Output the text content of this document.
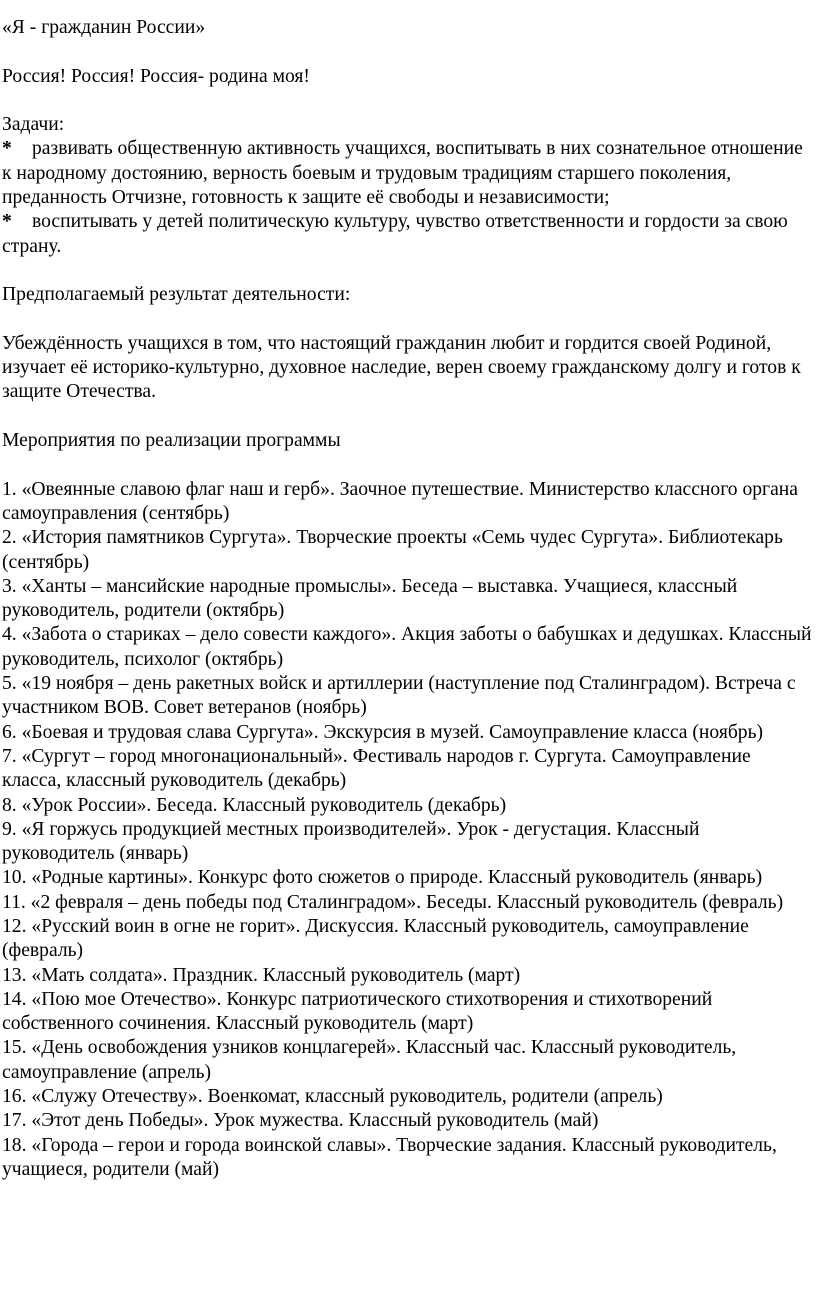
«Я - гражданин России»

Россия! Россия! Россия- родина моя!

Задачи:

* развивать общественную активность учащихся, воспитывать в них сознательное отношение к народному достоянию, верность боевым и трудовым традициям старшего поколения, преданность Отчизне, готовность к защите её свободы и независимости;

* воспитывать у детей политическую культуру, чувство ответственности и гордости за свою страну.

Предполагаемый результат деятельности:

Убеждённость учащихся в том, что настоящий гражданин любит и гордится своей Родиной, изучает её историко-культурно, духовное наследие, верен своему гражданскому долгу и готов к защите Отечества.

Мероприятия по реализации программы

1. «Овеянные славою флаг наш и герб». Заочное путешествие. Министерство классного органа самоуправления (сентябрь)

2. «История памятников Сургута». Творческие проекты «Семь чудес Сургута». Библиотекарь (сентябрь)

3. «Ханты – мансийские народные промыслы». Беседа – выставка. Учащиеся, классный руководитель, родители (октябрь)

4. «Забота о стариках – дело совести каждого». Акция заботы о бабушках и дедушках. Классный руководитель, психолог (октябрь)

5. «19 ноября – день ракетных войск и артиллерии (наступление под Сталинградом). Встреча с участником ВОВ. Совет ветеранов (ноябрь)

6. «Боевая и трудовая слава Сургута». Экскурсия в музей. Самоуправление класса (ноябрь)

7. «Сургут – город многонациональный». Фестиваль народов г. Сургута. Самоуправление класса, классный руководитель (декабрь)

8. «Урок России». Беседа. Классный руководитель (декабрь)

9. «Я горжусь продукцией местных производителей». Урок - дегустация. Классный руководитель (январь)

10. «Родные картины». Конкурс фото сюжетов о природе. Классный руководитель (январь)

11. «2 февраля – день победы под Сталинградом». Беседы. Классный руководитель (февраль)

12. «Русский воин в огне не горит». Дискуссия. Классный руководитель, самоуправление (февраль)

13. «Мать солдата». Праздник. Классный руководитель (март)

14. «Пою мое Отечество». Конкурс патриотического стихотворения и стихотворений собственного сочинения. Классный руководитель (март)

15. «День освобождения узников концлагерей». Классный час. Классный руководитель, самоуправление (апрель)

16. «Служу Отечеству». Военкомат, классный руководитель, родители (апрель)

17. «Этот день Победы». Урок мужества. Классный руководитель (май)

18. «Города – герои и города воинской славы». Творческие задания. Классный руководитель, учащиеся, родители (май)
